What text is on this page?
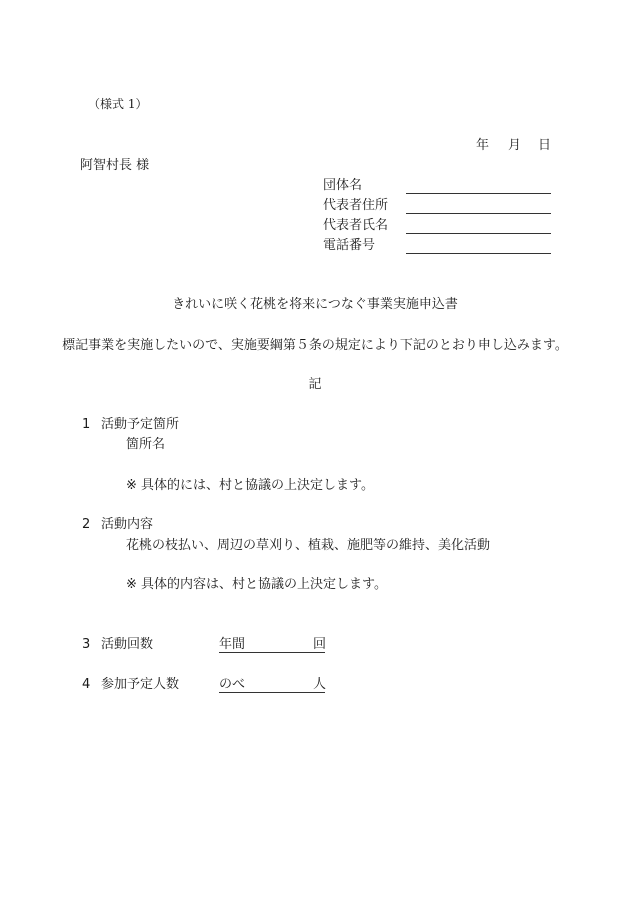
（様式 1）
年 月 日
阿智村長 様
団体名
代表者住所
代表者氏名
電話番号
きれいに咲く花桃を将来につなぐ事業実施申込書
標記事業を実施したいので、実施要綱第５条の規定により下記のとおり申し込みます。
記
1 活動予定箇所
箇所名
※ 具体的には、村と協議の上決定します。
2 活動内容
花桃の枝払い、周辺の草刈り、植栽、施肥等の維持、美化活動
※ 具体的内容は、村と協議の上決定します。
3 活動回数	年間	回
4 参加予定人数	のべ	人
